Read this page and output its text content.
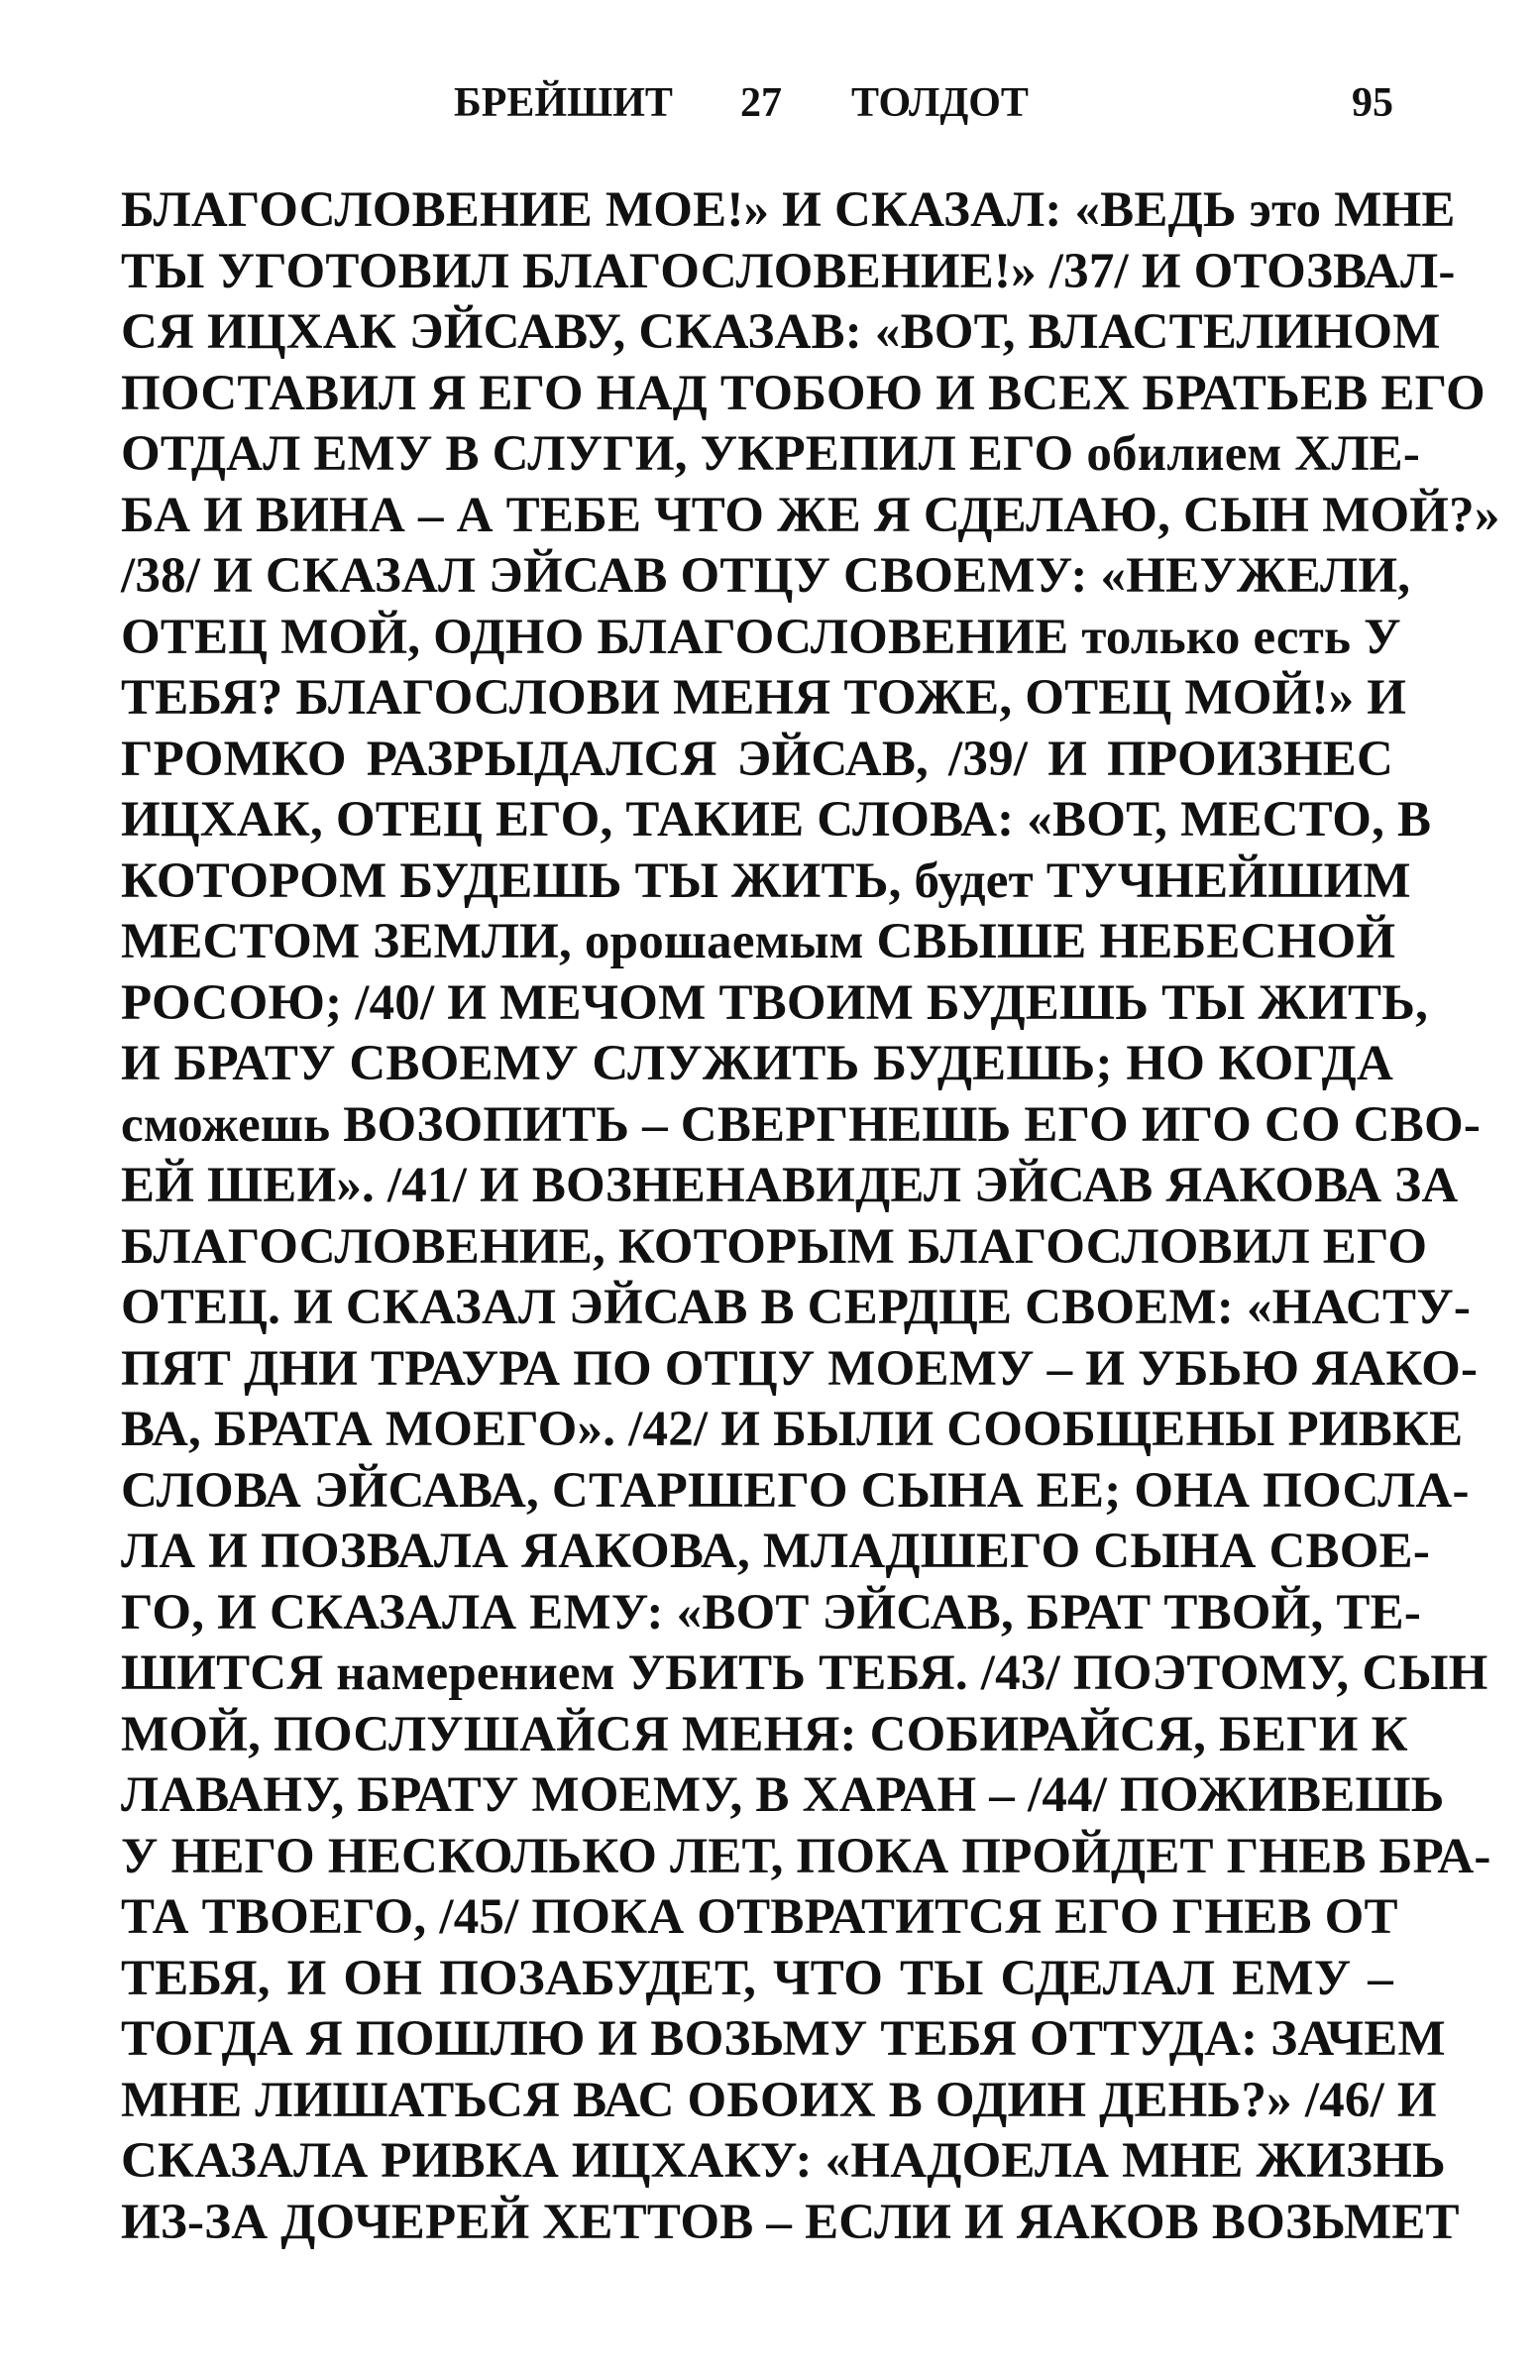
БРЕЙШИТ 27 ТОЛДОТ	95
БЛАГОСЛОВЕНИЕ МОЕ!» И СКАЗАЛ: «ВЕДЬ это МНЕ
ТЫ УГОТОВИЛ БЛАГОСЛОВЕНИЕ!» /37/ И ОТОЗВАЛ-
СЯ ИЦХАК ЭЙСАВУ, СКАЗАВ: «ВОТ, ВЛАСТЕЛИНОМ
ПОСТАВИЛ Я ЕГО НАД ТОБОЮ И ВСЕХ БРАТЬЕВ ЕГО
ОТДАЛ ЕМУ В СЛУГИ, УКРЕПИЛ ЕГО обилием ХЛЕ-
БА И ВИНА – А ТЕБЕ ЧТО ЖЕ Я СДЕЛАЮ, СЫН МОЙ?»
/38/ И СКАЗАЛ ЭЙСАВ ОТЦУ СВОЕМУ: «НЕУЖЕЛИ,
ОТЕЦ МОЙ, ОДНО БЛАГОСЛОВЕНИЕ только есть У
ТЕБЯ? БЛАГОСЛОВИ МЕНЯ ТОЖЕ, ОТЕЦ МОЙ!» И
ГРОМКО РАЗРЫДАЛСЯ ЭЙСАВ, /39/ И ПРОИЗНЕС
ИЦХАК, ОТЕЦ ЕГО, ТАКИЕ СЛОВА: «ВОТ, МЕСТО, В
КОТОРОМ БУДЕШЬ ТЫ ЖИТЬ, будет ТУЧНЕЙШИМ
МЕСТОМ ЗЕМЛИ, орошаемым СВЫШЕ НЕБЕСНОЙ
РОСОЮ; /40/ И МЕЧОМ ТВОИМ БУДЕШЬ ТЫ ЖИТЬ,
И БРАТУ СВОЕМУ СЛУЖИТЬ БУДЕШЬ; НО КОГДА
сможешь ВОЗОПИТЬ – СВЕРГНЕШЬ ЕГО ИГО СО СВО-
ЕЙ ШЕИ». /41/ И ВОЗНЕНАВИДЕЛ ЭЙСАВ ЯАКОВА ЗА
БЛАГОСЛОВЕНИЕ, КОТОРЫМ БЛАГОСЛОВИЛ ЕГО
ОТЕЦ. И СКАЗАЛ ЭЙСАВ В СЕРДЦЕ СВОЕМ: «НАСТУ-
ПЯТ ДНИ ТРАУРА ПО ОТЦУ МОЕМУ – И УБЬЮ ЯАКО-
ВА, БРАТА МОЕГО». /42/ И БЫЛИ СООБЩЕНЫ РИВКЕ
СЛОВА ЭЙСАВА, СТАРШЕГО СЫНА ЕЕ; ОНА ПОСЛА-
ЛА И ПОЗВАЛА ЯАКОВА, МЛАДШЕГО СЫНА СВОЕ-
ГО, И СКАЗАЛА ЕМУ: «ВОТ ЭЙСАВ, БРАТ ТВОЙ, ТЕ-
ШИТСЯ намерением УБИТЬ ТЕБЯ. /43/ ПОЭТОМУ, СЫН
МОЙ, ПОСЛУШАЙСЯ МЕНЯ: СОБИРАЙСЯ, БЕГИ К
ЛАВАНУ, БРАТУ МОЕМУ, В ХАРАН – /44/ ПОЖИВЕШЬ
У НЕГО НЕСКОЛЬКО ЛЕТ, ПОКА ПРОЙДЕТ ГНЕВ БРА-
ТА ТВОЕГО, /45/ ПОКА ОТВРАТИТСЯ ЕГО ГНЕВ ОТ
ТЕБЯ, И ОН ПОЗАБУДЕТ, ЧТО ТЫ СДЕЛАЛ ЕМУ –
ТОГДА Я ПОШЛЮ И ВОЗЬМУ ТЕБЯ ОТТУДА: ЗАЧЕМ
МНЕ ЛИШАТЬСЯ ВАС ОБОИХ В ОДИН ДЕНЬ?» /46/ И
СКАЗАЛА РИВКА ИЦХАКУ: «НАДОЕЛА МНЕ ЖИЗНЬ
ИЗ-ЗА ДОЧЕРЕЙ ХЕТТОВ – ЕСЛИ И ЯАКОВ ВОЗЬМЕТ
